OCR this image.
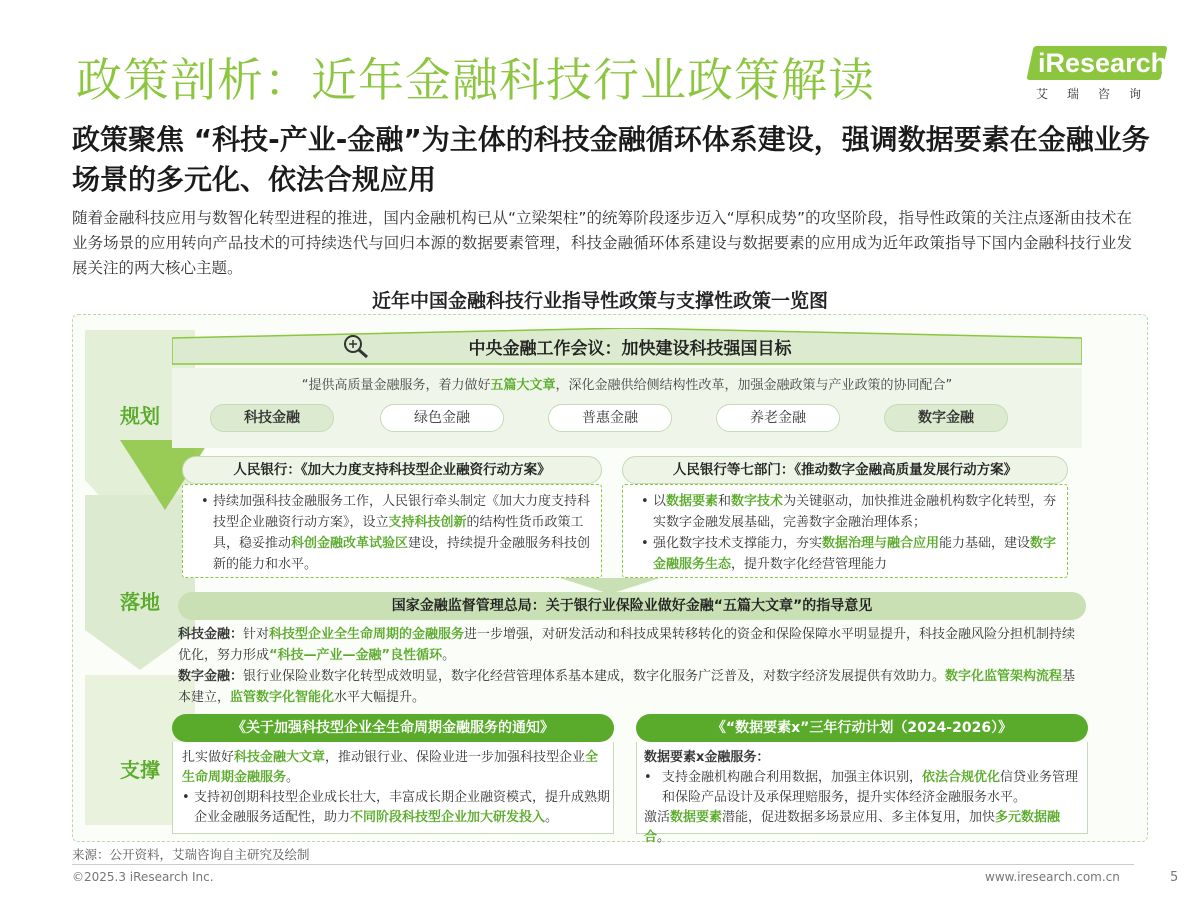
政策剖析：近年金融科技行业政策解读	iResearch
艾瑞咨询
政策聚焦 “科技-产业-金融”为主体的科技金融循环体系建设，强调数据要素在金融业务场景的多元化、依法合规应用
随着金融科技应用与数智化转型进程的推进，国内金融机构已从“立梁架柱”的统筹阶段逐步迈入“厚积成势”的攻坚阶段，指导性政策的关注点逐渐由技术在业务场景的应用转向产品技术的可持续迭代与回归本源的数据要素管理，科技金融循环体系建设与数据要素的应用成为近年政策指导下国内金融科技行业发展关注的两大核心主题。
近年中国金融科技行业指导性政策与支撑性政策一览图
规划
落地
支撑
中央金融工作会议：加快建设科技强国目标
“提供高质量金融服务，着力做好五篇大文章，深化金融供给侧结构性改革，加强金融政策与产业政策的协同配合”
科技金融	绿色金融	普惠金融	养老金融	数字金融
人民银行：《加大力度支持科技型企业融资行动方案》	人民银行等七部门：《推动数字金融高质量发展行动方案》
• 持续加强科技金融服务工作，人民银行牵头制定《加大力度支持科技型企业融资行动方案》，设立支持科技创新的结构性货币政策工具，稳妥推动科创金融改革试验区建设，持续提升金融服务科技创新的能力和水平。
• 以数据要素和数字技术为关键驱动，加快推进金融机构数字化转型，夯实数字金融发展基础，完善数字金融治理体系；
• 强化数字技术支撑能力，夯实数据治理与融合应用能力基础，建设数字金融服务生态，提升数字化经营管理能力
国家金融监督管理总局：关于银行业保险业做好金融“五篇大文章”的指导意见
科技金融：针对科技型企业全生命周期的金融服务进一步增强，对研发活动和科技成果转移转化的资金和保险保障水平明显提升，科技金融风险分担机制持续优化，努力形成“科技—产业—金融”良性循环。
数字金融：银行业保险业数字化转型成效明显，数字化经营管理体系基本建成，数字化服务广泛普及，对数字经济发展提供有效助力。数字化监管架构流程基本建立，监管数字化智能化水平大幅提升。
《关于加强科技型企业全生命周期金融服务的通知》	《“数据要素x”三年行动计划（2024-2026）》
扎实做好科技金融大文章，推动银行业、保险业进一步加强科技型企业全生命周期金融服务。
• 支持初创期科技型企业成长壮大，丰富成长期企业融资模式，提升成熟期企业金融服务适配性，助力不同阶段科技型企业加大研发投入。
数据要素x金融服务：
• 支持金融机构融合利用数据，加强主体识别，依法合规优化信贷业务管理和保险产品设计及承保理赔服务，提升实体经济金融服务水平。
激活数据要素潜能，促进数据多场景应用、多主体复用，加快多元数据融合。
来源：公开资料，艾瑞咨询自主研究及绘制
©2025.3 iResearch Inc.	www.iresearch.com.cn	5
